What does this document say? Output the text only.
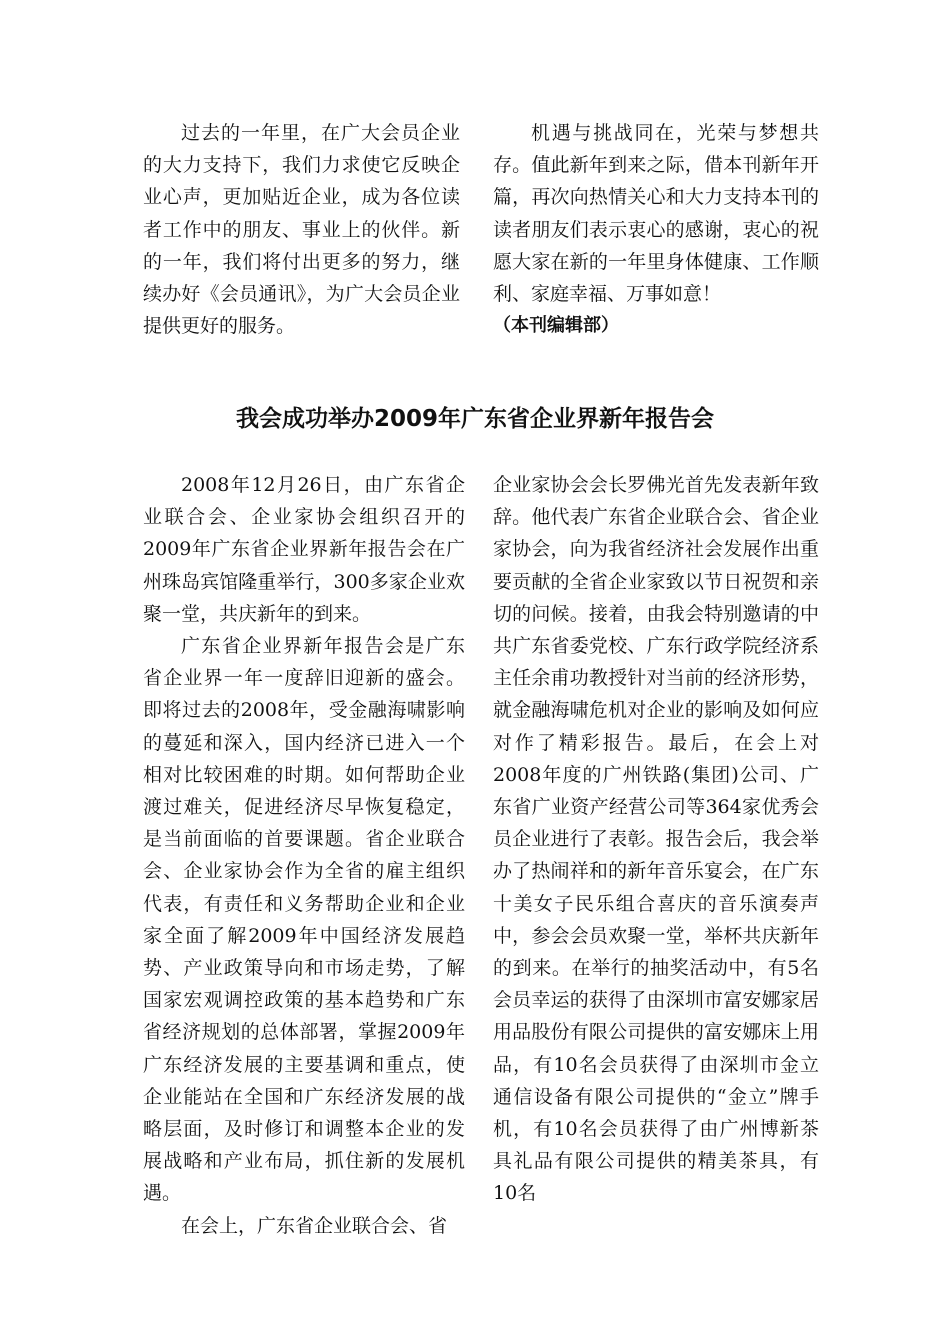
过去的一年里，在广大会员企业的大力支持下，我们力求使它反映企业心声，更加贴近企业，成为各位读者工作中的朋友、事业上的伙伴。新的一年，我们将付出更多的努力，继续办好《会员通讯》，为广大会员企业提供更好的服务。

机遇与挑战同在，光荣与梦想共存。值此新年到来之际，借本刊新年开篇，再次向热情关心和大力支持本刊的读者朋友们表示衷心的感谢，衷心的祝愿大家在新的一年里身体健康、工作顺利、家庭幸福、万事如意！

（本刊编辑部）

我会成功举办2009年广东省企业界新年报告会

2008年12月26日，由广东省企业联合会、企业家协会组织召开的2009年广东省企业界新年报告会在广州珠岛宾馆隆重举行，300多家企业欢聚一堂，共庆新年的到来。

广东省企业界新年报告会是广东省企业界一年一度辞旧迎新的盛会。即将过去的2008年，受金融海啸影响的蔓延和深入，国内经济已进入一个相对比较困难的时期。如何帮助企业渡过难关，促进经济尽早恢复稳定，是当前面临的首要课题。省企业联合会、企业家协会作为全省的雇主组织代表，有责任和义务帮助企业和企业家全面了解2009年中国经济发展趋势、产业政策导向和市场走势，了解国家宏观调控政策的基本趋势和广东省经济规划的总体部署，掌握2009年广东经济发展的主要基调和重点，使企业能站在全国和广东经济发展的战略层面，及时修订和调整本企业的发展战略和产业布局，抓住新的发展机遇。

在会上，广东省企业联合会、省

企业家协会会长罗佛光首先发表新年致辞。他代表广东省企业联合会、省企业家协会，向为我省经济社会发展作出重要贡献的全省企业家致以节日祝贺和亲切的问候。接着，由我会特别邀请的中共广东省委党校、广东行政学院经济系主任余甫功教授针对当前的经济形势，就金融海啸危机对企业的影响及如何应对作了精彩报告。最后，在会上对2008年度的广州铁路(集团)公司、广东省广业资产经营公司等364家优秀会员企业进行了表彰。报告会后，我会举办了热闹祥和的新年音乐宴会，在广东十美女子民乐组合喜庆的音乐演奏声中，参会会员欢聚一堂，举杯共庆新年的到来。在举行的抽奖活动中，有5名会员幸运的获得了由深圳市富安娜家居用品股份有限公司提供的富安娜床上用品，有10名会员获得了由深圳市金立通信设备有限公司提供的“金立”牌手机，有10名会员获得了由广州博新茶具礼品有限公司提供的精美茶具，有10名
